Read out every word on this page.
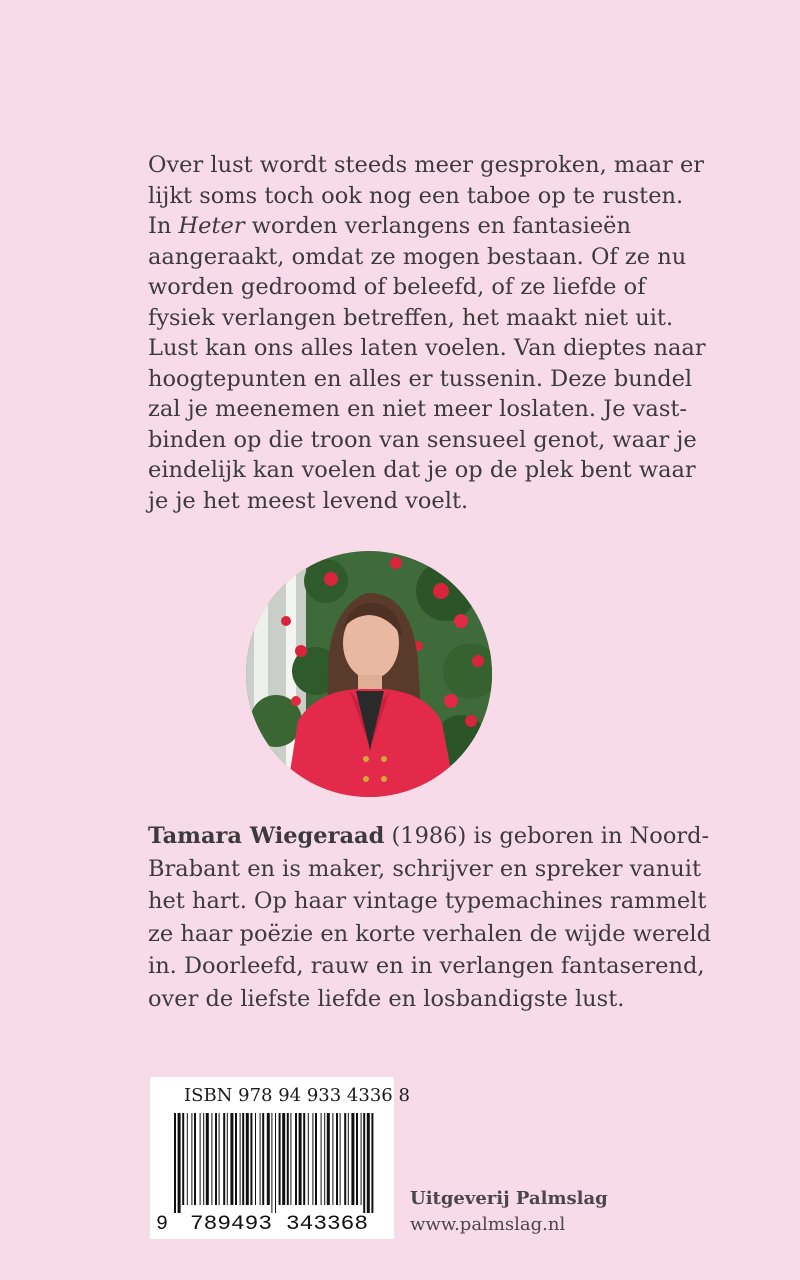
Over lust wordt steeds meer gesproken, maar er

lijkt soms toch ook nog een taboe op te rusten.

In Heter worden verlangens en fantasieën

aangeraakt, omdat ze mogen bestaan. Of ze nu

worden gedroomd of beleefd, of ze liefde of

fysiek verlangen betreffen, het maakt niet uit.

Lust kan ons alles laten voelen. Van dieptes naar

hoogtepunten en alles er tussenin. Deze bundel

zal je meenemen en niet meer loslaten. Je vast-

binden op die troon van sensueel genot, waar je

eindelijk kan voelen dat je op de plek bent waar

je je het meest levend voelt.

Tamara Wiegeraad (1986) is geboren in Noord-

Brabant en is maker, schrijver en spreker vanuit

het hart. Op haar vintage typemachines rammelt

ze haar poëzie en korte verhalen de wijde wereld

in. Doorleefd, rauw en in verlangen fantaserend,

over de liefste liefde en losbandigste lust.

ISBN 978 94 933 4336 8
9 789493 343368
Uitgeverij Palmslag
www.palmslag.nl
